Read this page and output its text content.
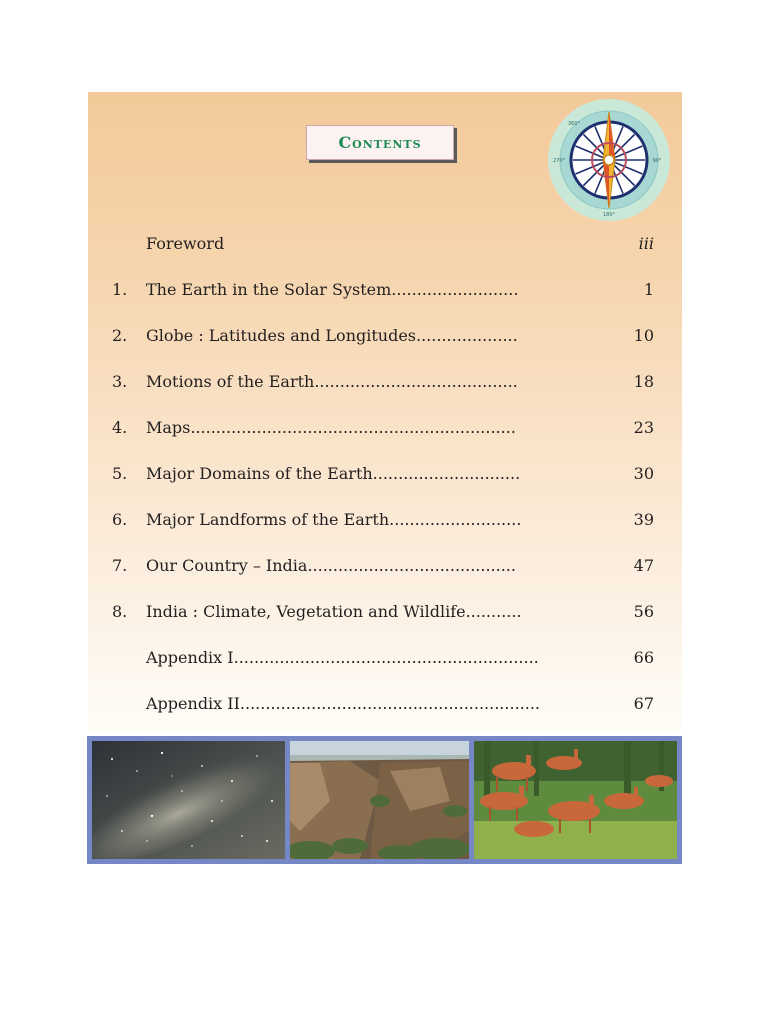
Contents
360°
90°
180°
270°
Foreword	iii
1. The Earth in the Solar System.........................	1
2. Globe : Latitudes and Longitudes....................	10
3. Motions of the Earth........................................	18
4. Maps................................................................	23
5. Major Domains of the Earth.............................	30
6. Major Landforms of the Earth..........................	39
7. Our Country – India.........................................	47
8. India : Climate, Vegetation and Wildlife...........	56
Appendix I............................................................	66
Appendix II...........................................................	67
